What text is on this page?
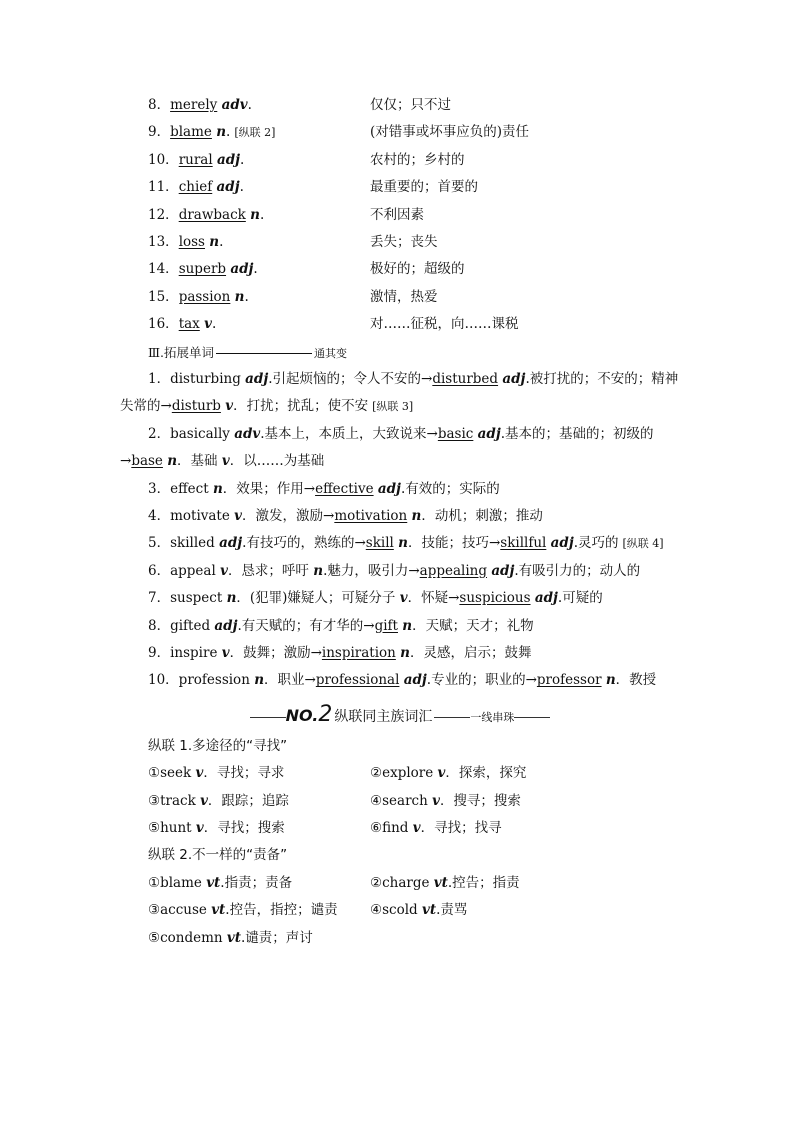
8．merely adv.	仅仅；只不过
9．blame n. [纵联 2]	(对错事或坏事应负的)责任
10．rural adj.	农村的；乡村的
11．chief adj.	最重要的；首要的
12．drawback n.	不利因素
13．loss n.	丢失；丧失
14．superb adj.	极好的；超级的
15．passion n.	激情，热爱
16．tax v.	对……征税，向……课税
Ⅲ.拓展单词	通其变
1．disturbing adj.引起烦恼的；令人不安的→disturbed adj.被打扰的；不安的；精神失常的→disturb v．打扰；扰乱；使不安 [纵联 3]
2．basically adv.基本上，本质上，大致说来→basic adj.基本的；基础的；初级的→base n．基础 v．以……为基础
3．effect n．效果；作用→effective adj.有效的；实际的
4．motivate v．激发，激励→motivation n．动机；刺激；推动
5．skilled adj.有技巧的，熟练的→skill n．技能；技巧→skillful adj.灵巧的 [纵联 4]
6．appeal v．恳求；呼吁 n.魅力，吸引力→appealing adj.有吸引力的；动人的
7．suspect n．(犯罪)嫌疑人；可疑分子 v．怀疑→suspicious adj.可疑的
8．gifted adj.有天赋的；有才华的→gift n．天赋；天才；礼物
9．inspire v．鼓舞；激励→inspiration n．灵感，启示；鼓舞
10．profession n．职业→professional adj.专业的；职业的→professor n．教授
NO.2 纵联同主族词汇	一线串珠
纵联 1.多途径的“寻找”
①seek v．寻找；寻求	②explore v．探索，探究
③track v．跟踪；追踪	④search v．搜寻；搜索
⑤hunt v．寻找；搜索	⑥find v．寻找；找寻
纵联 2.不一样的“责备”
①blame vt.指责；责备	②charge vt.控告；指责
③accuse vt.控告，指控；谴责 ④scold vt.责骂
⑤condemn vt.谴责；声讨
